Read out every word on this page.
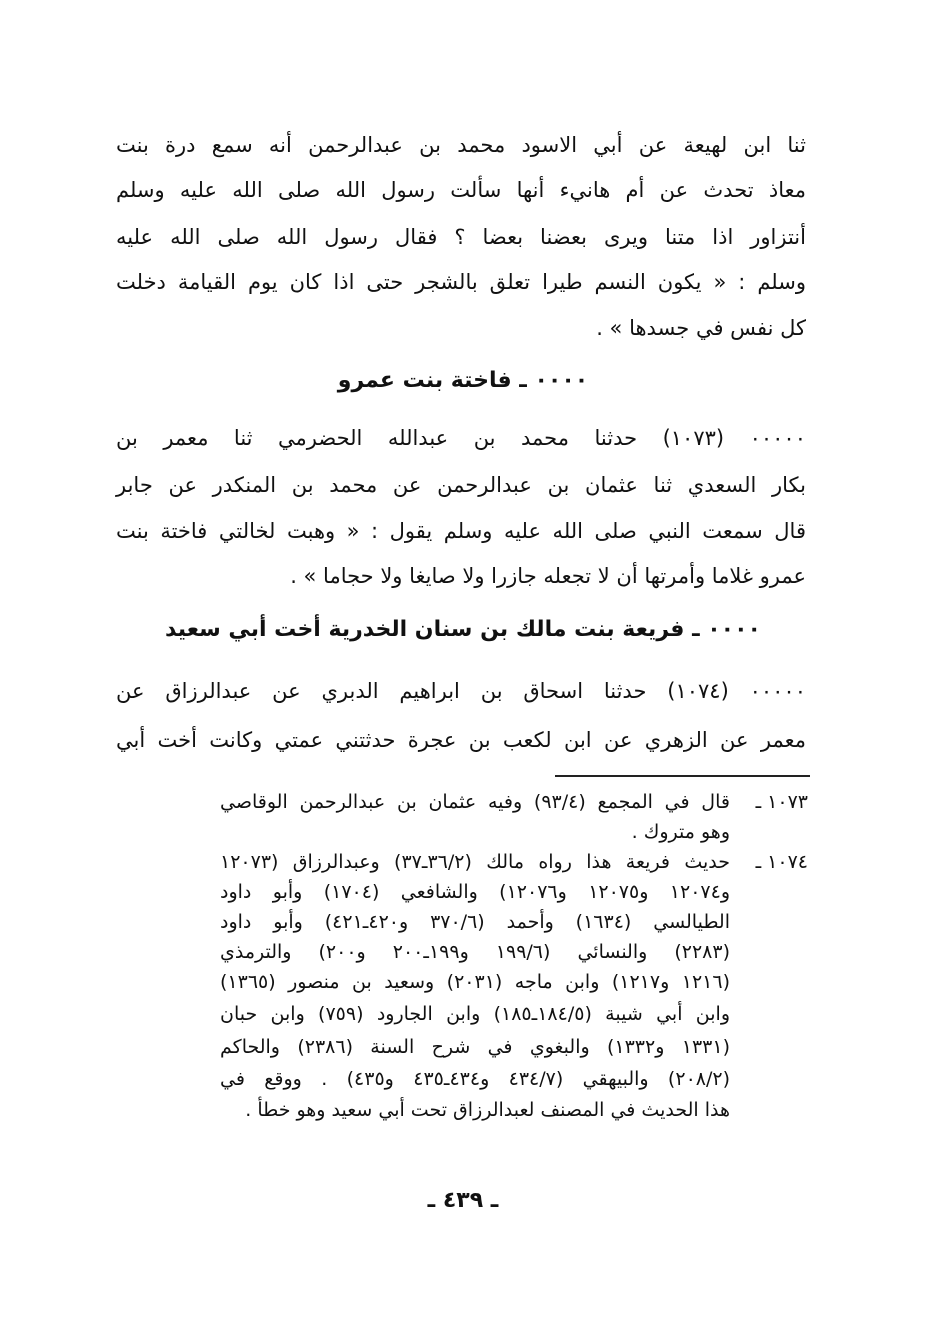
ثنا ابن لهيعة عن أبي الاسود محمد بن عبدالرحمن أنه سمع درة بنت
معاذ تحدث عن أم هانيء أنها سألت رسول الله صلى الله عليه وسلم
أنتزاور اذا متنا ويرى بعضنا بعضا ؟ فقال رسول الله صلى الله عليه
وسلم : « يكون النسم طيرا تعلق بالشجر حتى اذا كان يوم القيامة دخلت
كل نفس في جسدها » .
٠٠٠٠ ـ فاختة بنت عمرو
٠٠٠٠٠ (١٠٧٣) حدثنا محمد بن عبدالله الحضرمي ثنا معمر بن
بكار السعدي ثنا عثمان بن عبدالرحمن عن محمد بن المنكدر عن جابر
قال سمعت النبي صلى الله عليه وسلم يقول : « وهبت لخالتي فاختة بنت
عمرو غلاما وأمرتها أن لا تجعله جازرا ولا صايغا ولا حجاما » .
٠٠٠٠ ـ فريعة بنت مالك بن سنان الخدرية أخت أبي سعيد
٠٠٠٠٠ (١٠٧٤) حدثنا اسحاق بن ابراهيم الدبري عن عبدالرزاق عن
معمر عن الزهري عن ابن لكعب بن عجرة حدثتني عمتي وكانت أخت أبي
١٠٧٣ ـ
قال في المجمع (٩٣/٤) وفيه عثمان بن عبدالرحمن الوقاصي
وهو متروك .
١٠٧٤ ـ
حديث فريعة هذا رواه مالك (٣٦/٢ـ٣٧) وعبدالرزاق (١٢٠٧٣
و١٢٠٧٤ و١٢٠٧٥ و١٢٠٧٦) والشافعي (١٧٠٤) وأبو داود
الطيالسي (١٦٣٤) وأحمد (٣٧٠/٦ و٤٢٠ـ٤٢١) وأبو داود
(٢٢٨٣) والنسائي (١٩٩/٦ و١٩٩ـ٢٠٠ و٢٠٠) والترمذي
(١٢١٦ و١٢١٧) وابن ماجه (٢٠٣١) وسعيد بن منصور (١٣٦٥)
وابن أبي شيبة (١٨٤/٥ـ١٨٥) وابن الجارود (٧٥٩) وابن حبان
(١٣٣١ و١٣٣٢) والبغوي في شرح السنة (٢٣٨٦) والحاكم
(٢٠٨/٢) والبيهقي (٤٣٤/٧ و٤٣٤ـ٤٣٥ و٤٣٥) . ووقع في
هذا الحديث في المصنف لعبدالرزاق تحت أبي سعيد وهو خطأ .
ـ ٤٣٩ ـ
